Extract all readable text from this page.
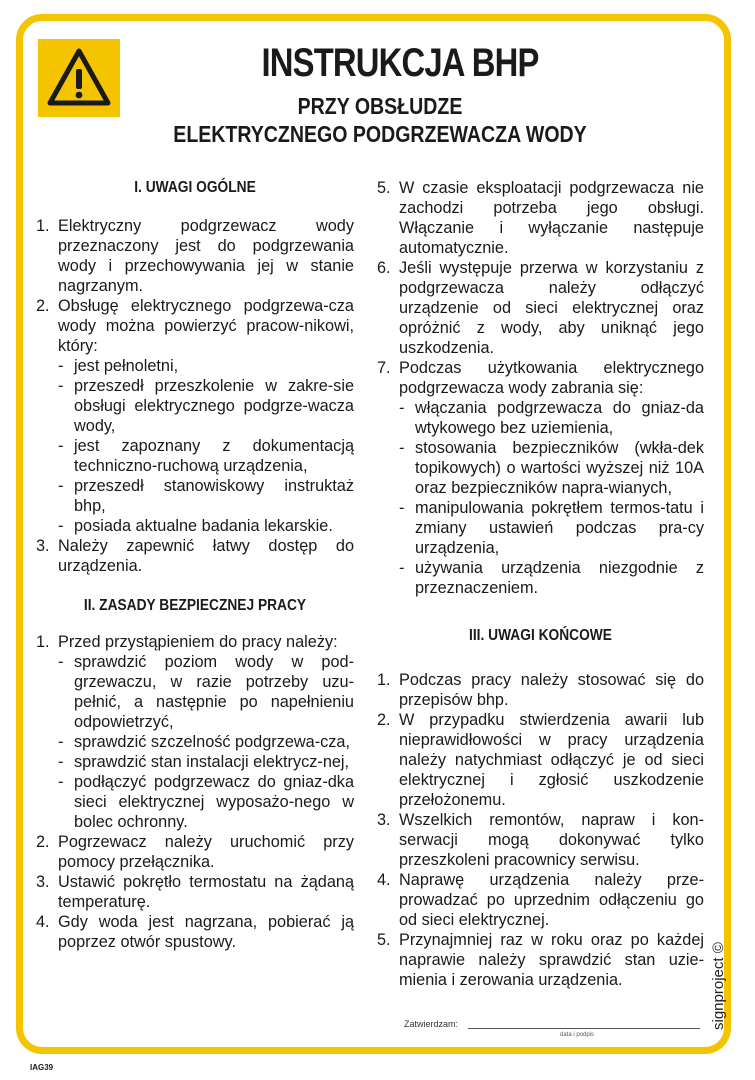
INSTRUKCJA BHP
PRZY OBSŁUDZE
ELEKTRYCZNEGO PODGRZEWACZA WODY

I. UWAGI OGÓLNE

1. Elektryczny podgrzewacz wody przeznaczony jest do podgrzewania wody i przechowywania jej w stanie nagrzanym.
2. Obsługę elektrycznego podgrzewa-cza wody można powierzyć pracow-nikowi, który:
- jest pełnoletni,
- przeszedł przeszkolenie w zakre-sie obsługi elektrycznego podgrze-wacza wody,
- jest zapoznany z dokumentacją techniczno-ruchową urządzenia,
- przeszedł stanowiskowy instruktaż bhp,
- posiada aktualne badania lekarskie.
3. Należy zapewnić łatwy dostęp do urządzenia.

II. ZASADY BEZPIECZNEJ PRACY

1. Przed przystąpieniem do pracy należy:
- sprawdzić poziom wody w pod-grzewaczu, w razie potrzeby uzu-pełnić, a następnie po napełnieniu odpowietrzyć,
- sprawdzić szczelność podgrzewa-cza,
- sprawdzić stan instalacji elektrycz-nej,
- podłączyć podgrzewacz do gniaz-dka sieci elektrycznej wyposażo-nego w bolec ochronny.
2. Pogrzewacz należy uruchomić przy pomocy przełącznika.
3. Ustawić pokrętło termostatu na żądaną temperaturę.
4. Gdy woda jest nagrzana, pobierać ją poprzez otwór spustowy.
5. W czasie eksploatacji podgrzewacza nie zachodzi potrzeba jego obsługi. Włączanie i wyłączanie następuje automatycznie.
6. Jeśli występuje przerwa w korzystaniu z podgrzewacza należy odłączyć urządzenie od sieci elektrycznej oraz opróżnić z wody, aby uniknąć jego uszkodzenia.
7. Podczas użytkowania elektrycznego podgrzewacza wody zabrania się:
- włączania podgrzewacza do gniaz-da wtykowego bez uziemienia,
- stosowania bezpieczników (wkła-dek topikowych) o wartości wyższej niż 10A oraz bezpieczników napra-wianych,
- manipulowania pokrętłem termos-tatu i zmiany ustawień podczas pra-cy urządzenia,
- używania urządzenia niezgodnie z przeznaczeniem.

III. UWAGI KOŃCOWE

1. Podczas pracy należy stosować się do przepisów bhp.
2. W przypadku stwierdzenia awarii lub nieprawidłowości w pracy urządzenia należy natychmiast odłączyć je od sieci elektrycznej i zgłosić uszkodzenie przełożonemu.
3. Wszelkich remontów, napraw i kon-serwacji mogą dokonywać tylko przeszkoleni pracownicy serwisu.
4. Naprawę urządzenia należy prze-prowadzać po uprzednim odłączeniu go od sieci elektrycznej.
5. Przynajmniej raz w roku oraz po każdej naprawie należy sprawdzić stan uzie-mienia i zerowania urządzenia.
Zatwierdzam:
data i podpis
signproject ©
IAG39
